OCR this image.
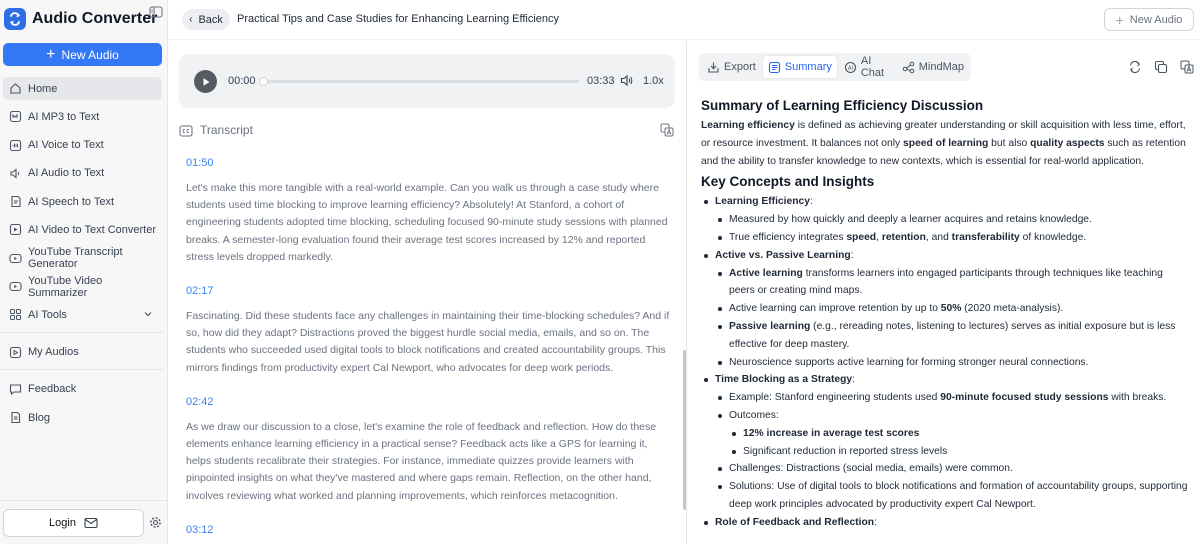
Audio Converter
+ New Audio
Home
AI MP3 to Text
AI Voice to Text
AI Audio to Text
AI Speech to Text
AI Video to Text Converter
YouTube Transcript Generator
YouTube Video Summarizer
AI Tools
My Audios
Feedback
Blog
Login
‹ Back Practical Tips and Case Studies for Enhancing Learning Efficiency	+ New Audio
00:00	03:33	1.0x
Transcript
01:50
Let's make this more tangible with a real-world example. Can you walk us through a case study where students used time blocking to improve learning efficiency? Absolutely! At Stanford, a cohort of engineering students adopted time blocking, scheduling focused 90-minute study sessions with planned breaks. A semester-long evaluation found their average test scores increased by 12% and reported stress levels dropped markedly.
02:17
Fascinating. Did these students face any challenges in maintaining their time-blocking schedules? And if so, how did they adapt? Distractions proved the biggest hurdle social media, emails, and so on. The students who succeeded used digital tools to block notifications and created accountability groups. This mirrors findings from productivity expert Cal Newport, who advocates for deep work periods.
02:42
As we draw our discussion to a close, let's examine the role of feedback and reflection. How do these elements enhance learning efficiency in a practical sense? Feedback acts like a GPS for learning it, helps students recalibrate their strategies. For instance, immediate quizzes provide learners with pinpointed insights on what they've mastered and where gaps remain. Reflection, on the other hand, involves reviewing what worked and planning improvements, which reinforces metacognition.
03:12
Export	Summary	AI
AI Chat	MindMap
Summary of Learning Efficiency Discussion

Learning efficiency is defined as achieving greater understanding or skill acquisition with less time, effort, or resource investment. It balances not only speed of learning but also quality aspects such as retention and the ability to transfer knowledge to new contexts, which is essential for real-world application.

Key Concepts and Insights
Learning Efficiency:
Measured by how quickly and deeply a learner acquires and retains knowledge.
True efficiency integrates speed, retention, and transferability of knowledge.
Active vs. Passive Learning:
Active learning transforms learners into engaged participants through techniques like teaching peers or creating mind maps.
Active learning can improve retention by up to 50% (2020 meta-analysis).
Passive learning (e.g., rereading notes, listening to lectures) serves as initial exposure but is less effective for deep mastery.
Neuroscience supports active learning for forming stronger neural connections.
Time Blocking as a Strategy:
Example: Stanford engineering students used 90-minute focused study sessions with breaks.
Outcomes:
12% increase in average test scores
Significant reduction in reported stress levels
Challenges: Distractions (social media, emails) were common.
Solutions: Use of digital tools to block notifications and formation of accountability groups, supporting deep work principles advocated by productivity expert Cal Newport.
Role of Feedback and Reflection:
